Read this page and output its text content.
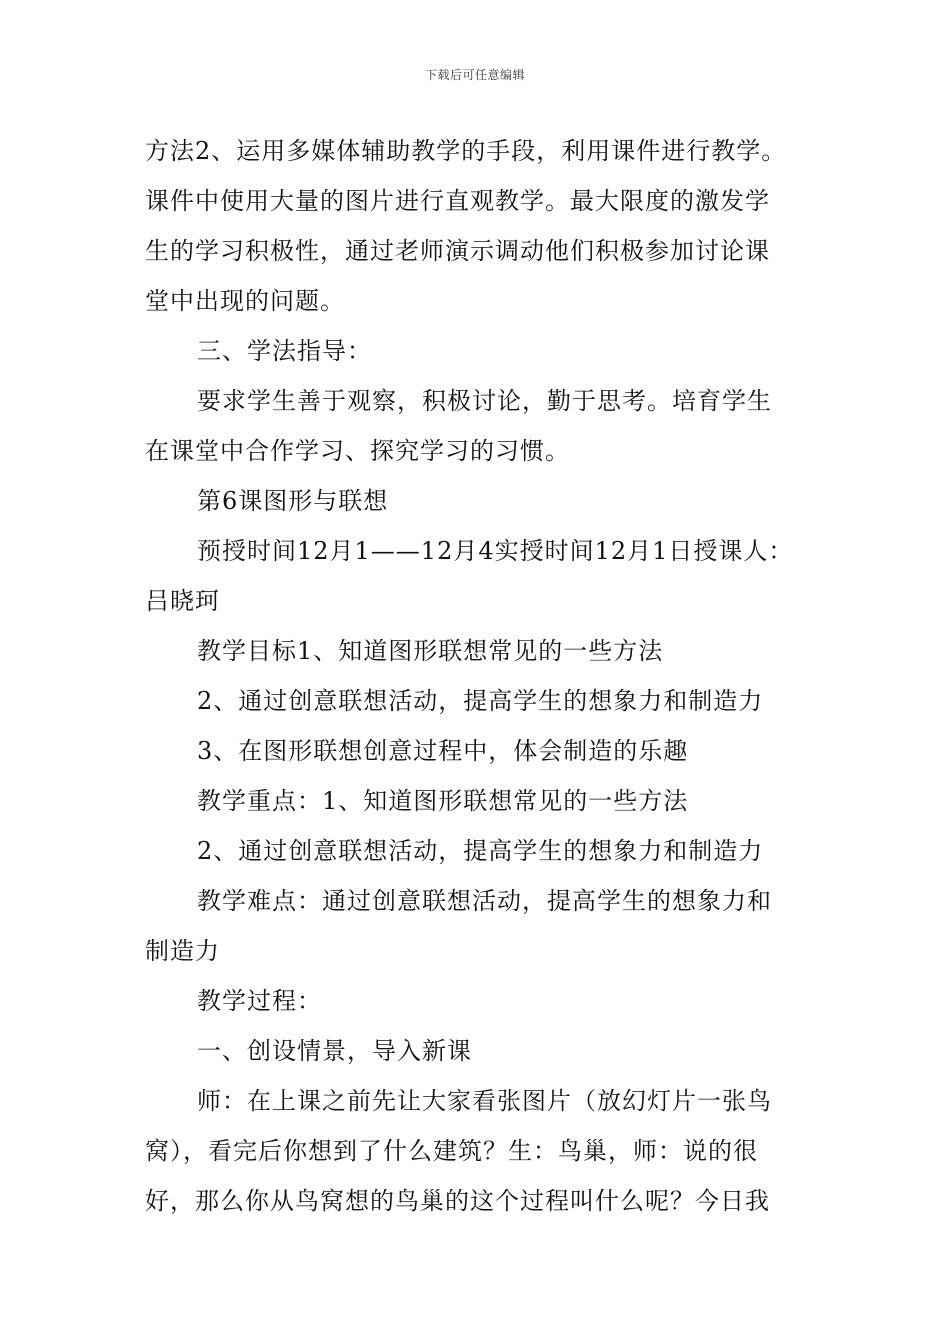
下载后可任意编辑
方法2、运用多媒体辅助教学的手段，利用课件进行教学。
课件中使用大量的图片进行直观教学。最大限度的激发学
生的学习积极性，通过老师演示调动他们积极参加讨论课
堂中出现的问题。
三、学法指导：
要求学生善于观察，积极讨论，勤于思考。培育学生
在课堂中合作学习、探究学习的习惯。
第6课图形与联想
预授时间12月1——12月4实授时间12月1日授课人：
吕晓珂
教学目标1、知道图形联想常见的一些方法
2、通过创意联想活动，提高学生的想象力和制造力
3、在图形联想创意过程中，体会制造的乐趣
教学重点：1、知道图形联想常见的一些方法
2、通过创意联想活动，提高学生的想象力和制造力
教学难点：通过创意联想活动，提高学生的想象力和
制造力
教学过程：
一、创设情景，导入新课
师：在上课之前先让大家看张图片（放幻灯片一张鸟
窝），看完后你想到了什么建筑？生：鸟巢，师：说的很
好，那么你从鸟窝想的鸟巢的这个过程叫什么呢？今日我
